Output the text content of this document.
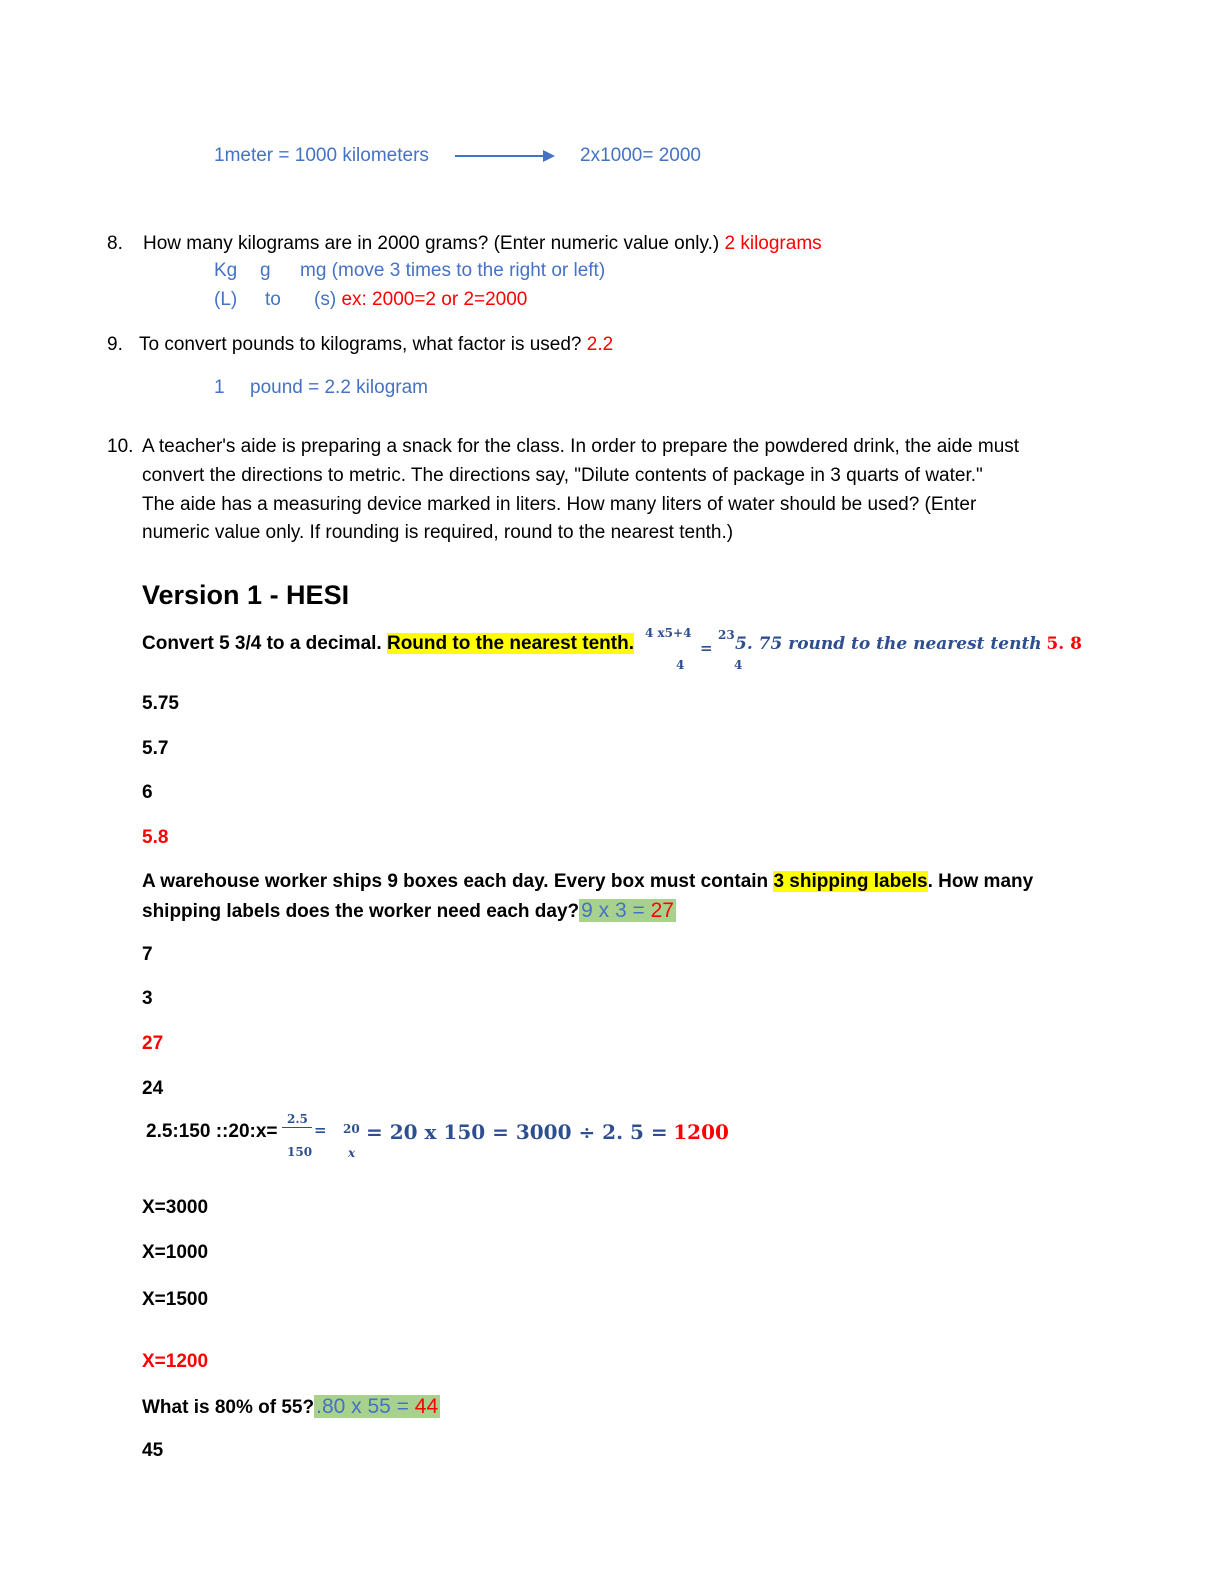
1meter = 1000 kilometers	2x1000= 2000
8. How many kilograms are in 2000 grams? (Enter numeric value only.) 2 kilograms
Kg g mg (move 3 times to the right or left)
(L) to (s) ex: 2000=2 or 2=2000
9. To convert pounds to kilograms, what factor is used? 2.2
1 pound = 2.2 kilogram
10. A teacher's aide is preparing a snack for the class. In order to prepare the powdered drink, the aide must
convert the directions to metric. The directions say, "Dilute contents of package in 3 quarts of water."
The aide has a measuring device marked in liters. How many liters of water should be used? (Enter
numeric value only. If rounding is required, round to the nearest tenth.)
Version 1 - HESI
Convert 5 3/4 to a decimal. Round to the nearest tenth. 4 x5+4
4
=
23
4
5. 75 round to the nearest tenth 5. 8
5.75
5.7
6
5.8
A warehouse worker ships 9 boxes each day. Every box must contain 3 shipping labels. How many
shipping labels does the worker need each day?9 x 3 = 27
7
3
27
24
2.5:150 ::20:x=
2.5
150
= 20
x
= 20 x 150 = 3000 ÷ 2. 5 = 1200
X=3000
X=1000
X=1500
X=1200
What is 80% of 55?.80 x 55 = 44
45
